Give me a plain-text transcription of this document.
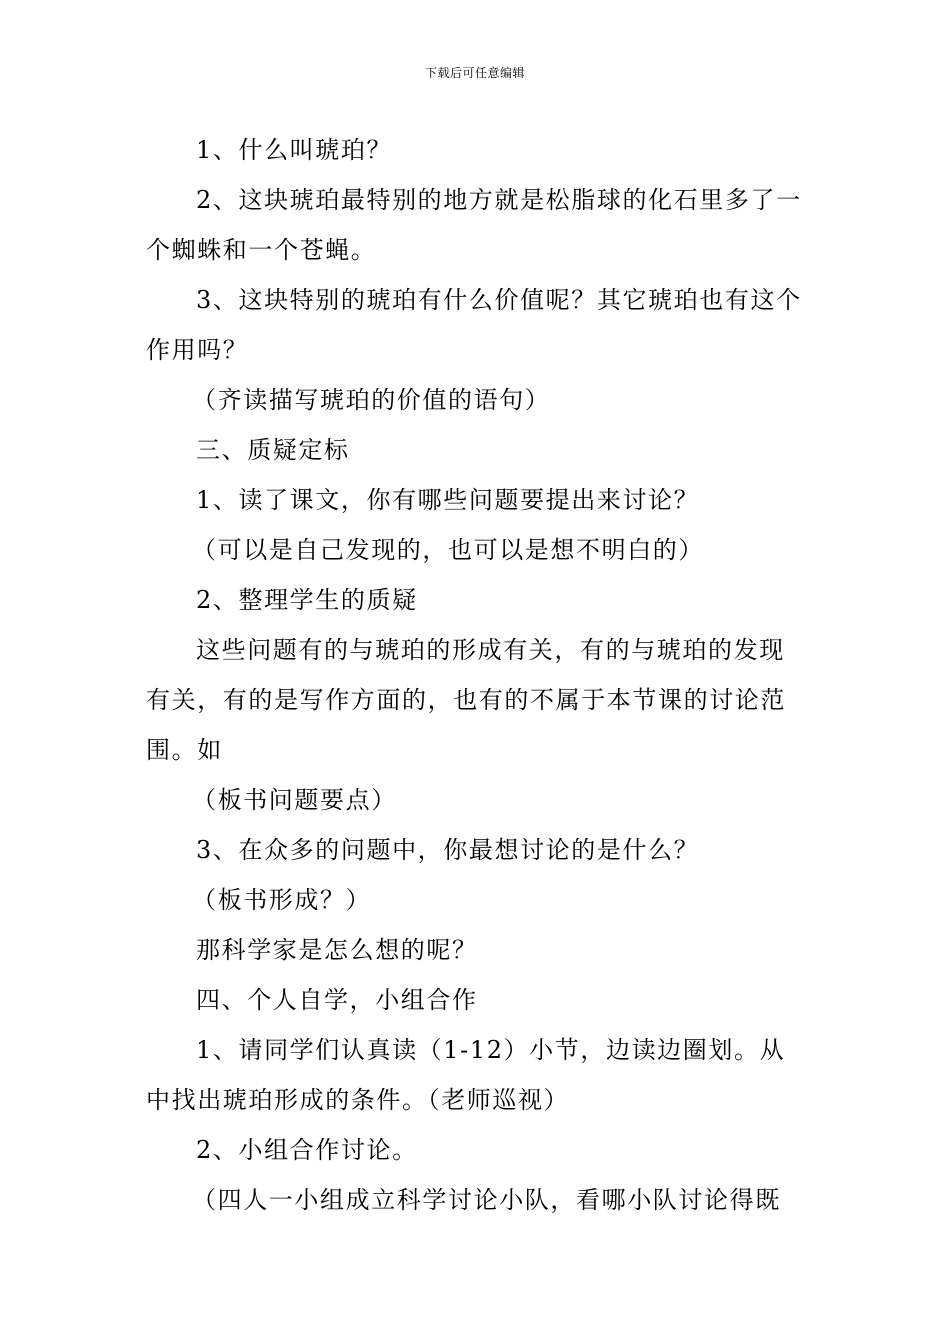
下载后可任意编辑

1、什么叫琥珀？

2、这块琥珀最特别的地方就是松脂球的化石里多了一个蜘蛛和一个苍蝇。

3、这块特别的琥珀有什么价值呢？其它琥珀也有这个作用吗？

（齐读描写琥珀的价值的语句）

三、质疑定标

1、读了课文，你有哪些问题要提出来讨论？

（可以是自己发现的，也可以是想不明白的）

2、整理学生的质疑

这些问题有的与琥珀的形成有关，有的与琥珀的发现有关，有的是写作方面的，也有的不属于本节课的讨论范围。如

（板书问题要点）

3、在众多的问题中，你最想讨论的是什么？

（板书形成？）

那科学家是怎么想的呢？

四、个人自学，小组合作

1、请同学们认真读（1-12）小节，边读边圈划。从中找出琥珀形成的条件。（老师巡视）

2、小组合作讨论。

（四人一小组成立科学讨论小队，看哪小队讨论得既
